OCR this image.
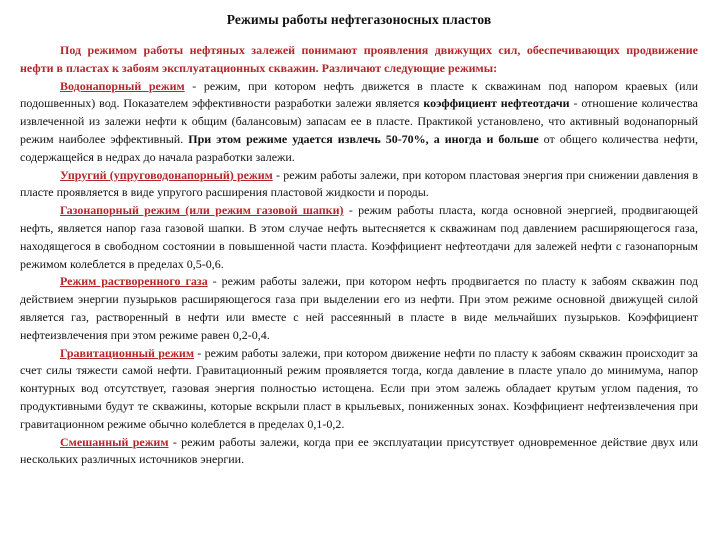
Режимы работы нефтегазоносных пластов

Под режимом работы нефтяных залежей понимают проявления движущих сил, обеспечивающих продвижение нефти в пластах к забоям эксплуатационных скважин. Различают следующие режимы:

Водонапорный режим - режим, при котором нефть движется в пласте к скважинам под напором краевых (или подошвенных) вод. Показателем эффективности разработки залежи является коэффициент нефтеотдачи - отношение количества извлеченной из залежи нефти к общим (балансовым) запасам ее в пласте. Практикой установлено, что активный водонапорный режим наиболее эффективный. При этом режиме удается извлечь 50-70%, а иногда и больше от общего количества нефти, содержащейся в недрах до начала разработки залежи.

Упругий (упруговодонапорный) режим - режим работы залежи, при котором пластовая энергия при снижении давления в пласте проявляется в виде упругого расширения пластовой жидкости и породы.

Газонапорный режим (или режим газовой шапки) - режим работы пласта, когда основной энергией, продвигающей нефть, является напор газа газовой шапки. В этом случае нефть вытесняется к скважинам под давлением расширяющегося газа, находящегося в свободном состоянии в повышенной части пласта. Коэффициент нефтеотдачи для залежей нефти с газонапорным режимом колеблется в пределах 0,5-0,6.

Режим растворенного газа - режим работы залежи, при котором нефть продвигается по пласту к забоям скважин под действием энергии пузырьков расширяющегося газа при выделении его из нефти. При этом режиме основной движущей силой является газ, растворенный в нефти или вместе с ней рассеянный в пласте в виде мельчайших пузырьков. Коэффициент нефтеизвлечения при этом режиме равен 0,2-0,4.

Гравитационный режим - режим работы залежи, при котором движение нефти по пласту к забоям скважин происходит за счет силы тяжести самой нефти. Гравитационный режим проявляется тогда, когда давление в пласте упало до минимума, напор контурных вод отсутствует, газовая энергия полностью истощена. Если при этом залежь обладает крутым углом падения, то продуктивными будут те скважины, которые вскрыли пласт в крыльевых, пониженных зонах. Коэффициент нефтеизвлечения при гравитационном режиме обычно колеблется в пределах 0,1-0,2.

Смешанный режим - режим работы залежи, когда при ее эксплуатации присутствует одновременное действие двух или нескольких различных источников энергии.
